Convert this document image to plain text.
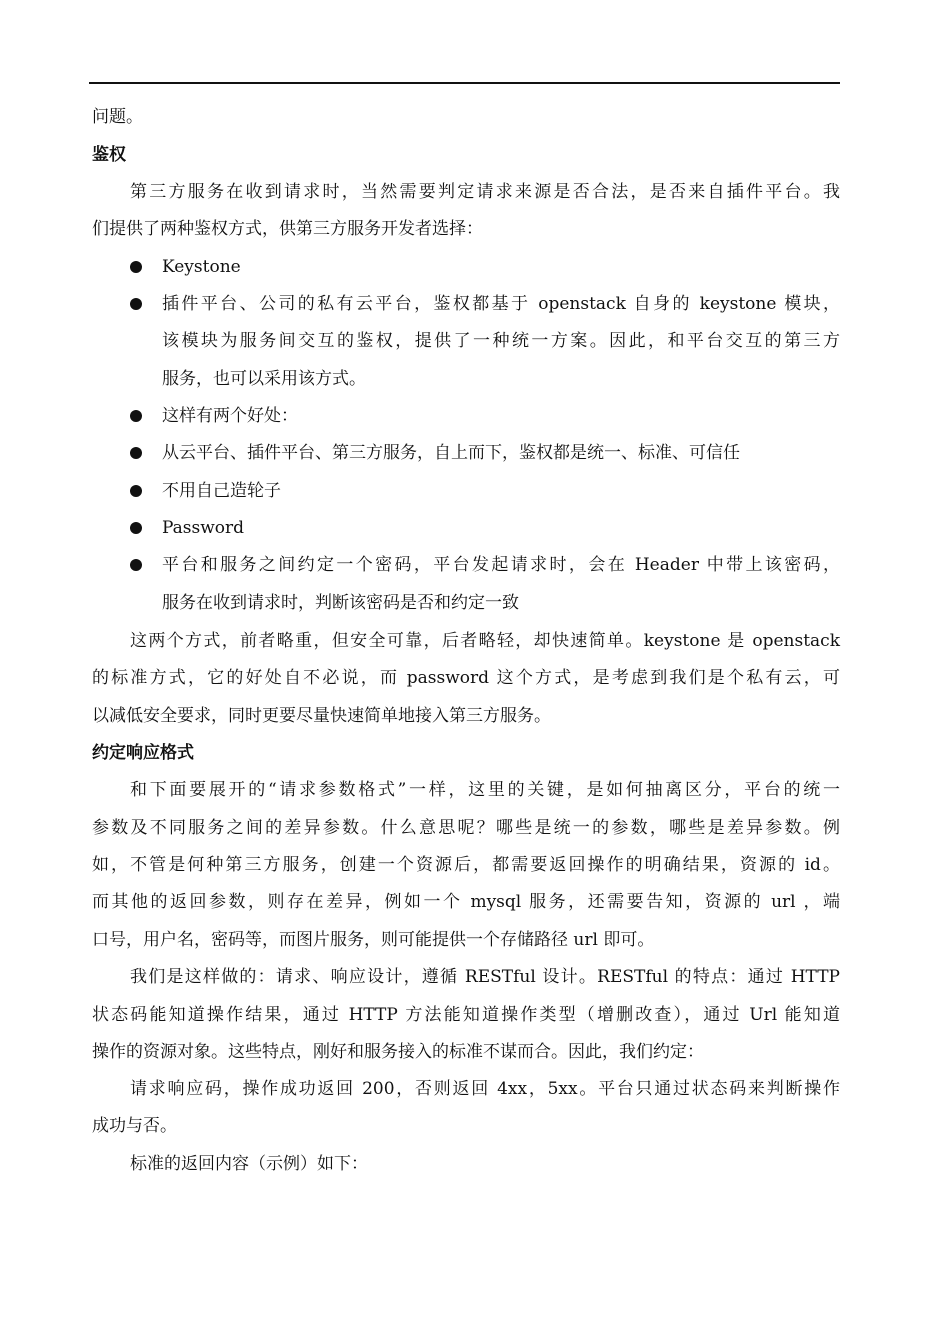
问题。
鉴权
第三方服务在收到请求时，当然需要判定请求来源是否合法，是否来自插件平台。我
们提供了两种鉴权方式，供第三方服务开发者选择：
Keystone
插件平台、公司的私有云平台，鉴权都基于 openstack 自身的 keystone 模块，
该模块为服务间交互的鉴权，提供了一种统一方案。因此，和平台交互的第三方
服务，也可以采用该方式。
这样有两个好处：
从云平台、插件平台、第三方服务，自上而下，鉴权都是统一、标准、可信任
不用自己造轮子
Password
平台和服务之间约定一个密码，平台发起请求时，会在 Header 中带上该密码，
服务在收到请求时，判断该密码是否和约定一致
这两个方式，前者略重，但安全可靠，后者略轻，却快速简单。keystone 是 openstack
的标准方式，它的好处自不必说，而 password 这个方式，是考虑到我们是个私有云，可
以减低安全要求，同时更要尽量快速简单地接入第三方服务。
约定响应格式
和下面要展开的“请求参数格式”一样，这里的关键，是如何抽离区分，平台的统一
参数及不同服务之间的差异参数。什么意思呢？哪些是统一的参数，哪些是差异参数。例
如，不管是何种第三方服务，创建一个资源后，都需要返回操作的明确结果，资源的 id。
而其他的返回参数，则存在差异，例如一个 mysql 服务，还需要告知，资源的 url ，端
口号，用户名，密码等，而图片服务，则可能提供一个存储路径 url 即可。
我们是这样做的：请求、响应设计，遵循 RESTful 设计。RESTful 的特点：通过 HTTP
状态码能知道操作结果，通过 HTTP 方法能知道操作类型（增删改查），通过 Url 能知道
操作的资源对象。这些特点，刚好和服务接入的标准不谋而合。因此，我们约定：
请求响应码，操作成功返回 200，否则返回 4xx，5xx。平台只通过状态码来判断操作
成功与否。
标准的返回内容（示例）如下：
